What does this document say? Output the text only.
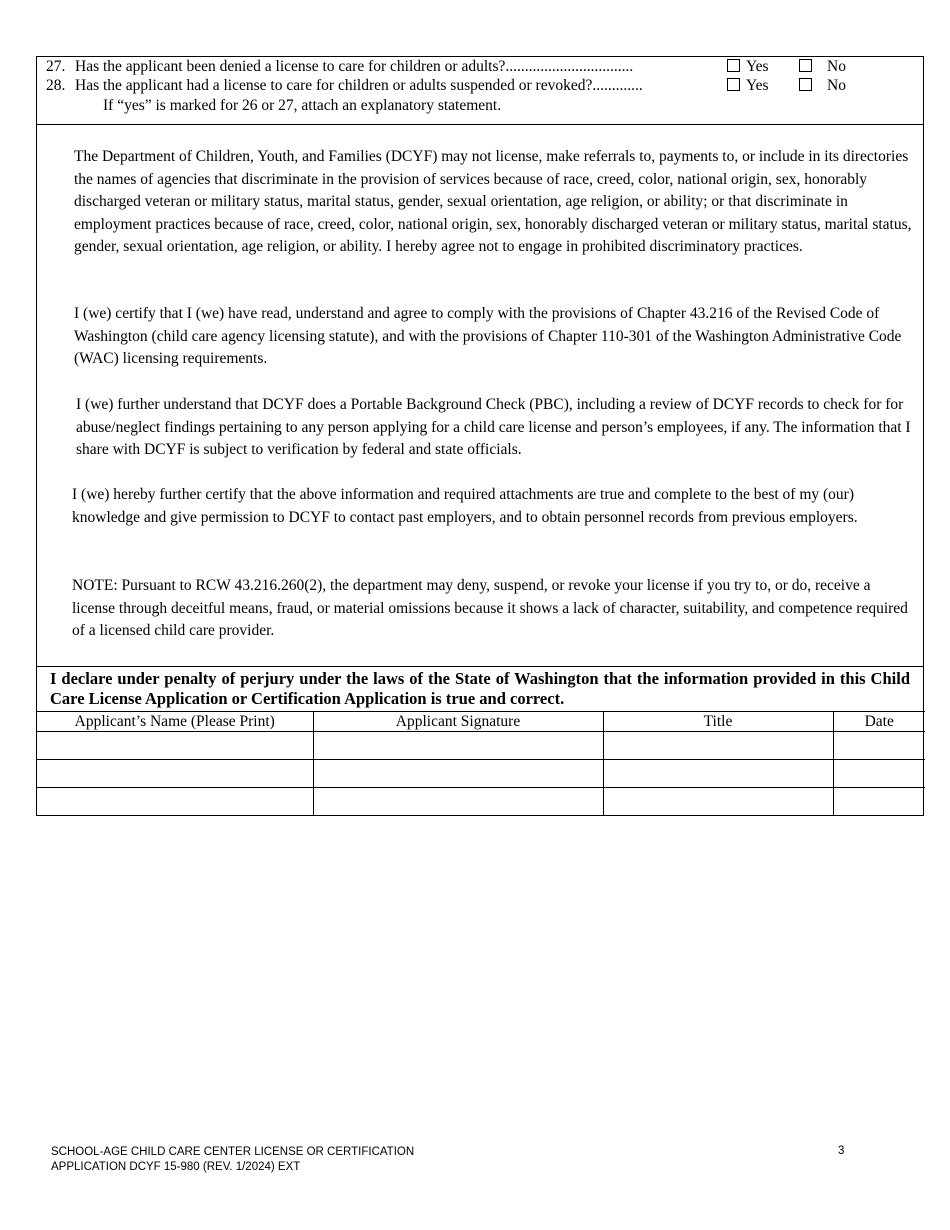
27. Has the applicant been denied a license to care for children or adults?.................................	Yes	No
28. Has the applicant had a license to care for children or adults suspended or revoked?.............	Yes	No
If “yes” is marked for 26 or 27, attach an explanatory statement.

The Department of Children, Youth, and Families (DCYF) may not license, make referrals to, payments to, or include in its directories the names of agencies that discriminate in the provision of services because of race, creed, color, national origin, sex, honorably discharged veteran or military status, marital status, gender, sexual orientation, age religion, or ability; or that discriminate in employment practices because of race, creed, color, national origin, sex, honorably discharged veteran or military status, marital status, gender, sexual orientation, age religion, or ability. I hereby agree not to engage in prohibited discriminatory practices.

I (we) certify that I (we) have read, understand and agree to comply with the provisions of Chapter 43.216 of the Revised Code of Washington (child care agency licensing statute), and with the provisions of Chapter 110-301 of the Washington Administrative Code (WAC) licensing requirements.

I (we) further understand that DCYF does a Portable Background Check (PBC), including a review of DCYF records to check for for abuse/neglect findings pertaining to any person applying for a child care license and person’s employees, if any. The information that I share with DCYF is subject to verification by federal and state officials.

I (we) hereby further certify that the above information and required attachments are true and complete to the best of my (our) knowledge and give permission to DCYF to contact past employers, and to obtain personnel records from previous employers.

NOTE: Pursuant to RCW 43.216.260(2), the department may deny, suspend, or revoke your license if you try to, or do, receive a license through deceitful means, fraud, or material omissions because it shows a lack of character, suitability, and competence required of a licensed child care provider.

I declare under penalty of perjury under the laws of the State of Washington that the information provided in this Child Care License Application or Certification Application is true and correct.

Applicant’s Name (Please Print)	Applicant Signature	Title	Date

SCHOOL-AGE CHILD CARE CENTER LICENSE OR CERTIFICATION
APPLICATION DCYF 15-980 (REV. 1/2024) EXT
3
